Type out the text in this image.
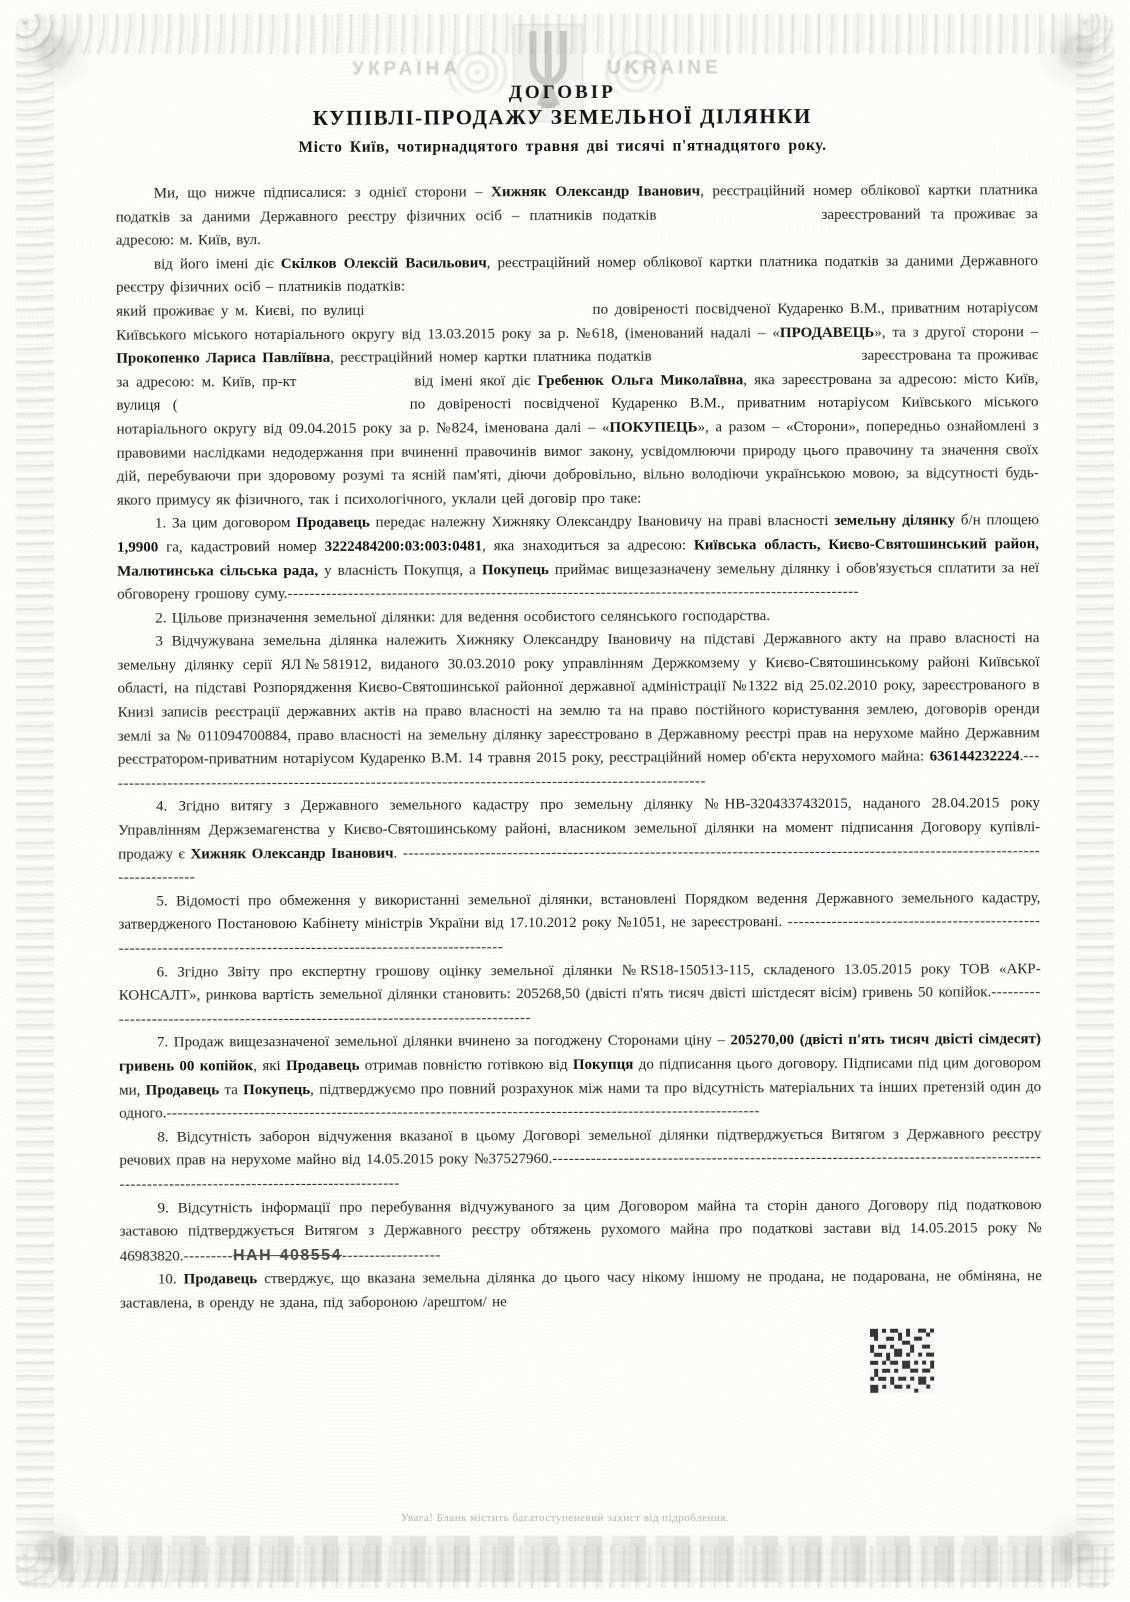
УКРАЇНА	UKRAINE
ДОГОВІР
КУПІВЛІ-ПРОДАЖУ ЗЕМЕЛЬНОЇ ДІЛЯНКИ
Місто Київ, чотирнадцятого травня дві тисячі п'ятнадцятого року.

Ми, що нижче підписалися: з однієї сторони – Хижняк Олександр Іванович, реєстраційний номер облікової картки платника податків за даними Державного реєстру фізичних осіб – платників податків	зареєстрований та проживає за адресою: м. Київ, вул.

від його імені діє Скілков Олексій Васильович, реєстраційний номер облікової картки платника податків за даними Державного реєстру фізичних осіб – платників податків:
який проживає у м. Києві, по вулиці	по довіреності посвідченої Кударенко В.М., приватним нотаріусом Київського міського нотаріального округу від 13.03.2015 року за р. №618, (іменований надалі – «ПРОДАВЕЦЬ», та з другої сторони – Прокопенко Лариса Павліївна, реєстраційний номер картки платника податків	зареєстрована та проживає за адресою: м. Київ, пр-кт	від імені якої діє Гребенюк Ольга Миколаївна, яка зареєстрована за адресою: місто Київ, вулиця (	по довіреності посвідченої Кударенко В.М., приватним нотаріусом Київського міського нотаріального округу від 09.04.2015 року за р. №824, іменована далі – «ПОКУПЕЦЬ», а разом – «Сторони», попередньо ознайомлені з правовими наслідками недодержання при вчиненні правочинів вимог закону, усвідомлюючи природу цього правочину та значення своїх дій, перебуваючи при здоровому розумі та ясній пам'яті, діючи добровільно, вільно володіючи українською мовою, за відсутності будь-якого примусу як фізичного, так і психологічного, уклали цей договір про таке:

1. За цим договором Продавець передає належну Хижняку Олександру Івановичу на праві власності земельну ділянку б/н площею 1,9900 га, кадастровий номер 3222484200:03:003:0481, яка знаходиться за адресою: Київська область, Києво-Святошинський район, Малютинська сільська рада, у власність Покупця, а Покупець приймає вищезазначену земельну ділянку і обов'язується сплатити за неї обговорену грошову суму.--------------------------------------------------------------------------------------------------------

2. Цільове призначення земельної ділянки: для ведення особистого селянського господарства.

3 Відчужувана земельна ділянка належить Хижняку Олександру Івановичу на підставі Державного акту на право власності на земельну ділянку серії ЯЛ№581912, виданого 30.03.2010 року управлінням Держкомзему у Києво-Святошинському районі Київської області, на підставі Розпорядження Києво-Святошинської районної державної адміністрації №1322 від 25.02.2010 року, зареєстрованого в Книзі записів реєстрації державних актів на право власності на землю та на право постійного користування землею, договорів оренди землі за № 011094700884, право власності на земельну ділянку зареєстровано в Державному реєстрі прав на нерухоме майно Державним реєстратором-приватним нотаріусом Кударенко В.М. 14 травня 2015 року, реєстраційний номер об'єкта нерухомого майна: 636144232224.--------------------------------------------------------------------------------------------------------------

4. Згідно витягу з Державного земельного кадастру про земельну ділянку №НВ-3204337432015, наданого 28.04.2015 року Управлінням Держземагенства у Києво-Святошинському районі, власником земельної ділянки на момент підписання Договору купівлі-продажу є Хижняк Олександр Іванович. ----------------------------------------------------------------------------------------------------------------------------------

5. Відомості про обмеження у використанні земельної ділянки, встановлені Порядком ведення Державного земельного кадастру, затвердженого Постановою Кабінету міністрів України від 17.10.2012 року №1051, не зареєстровані. --------------------------------------------------------------------------------------------------------------------

6. Згідно Звіту про експертну грошову оцінку земельної ділянки №RS18-150513-115, складеного 13.05.2015 року ТОВ «АКР-КОНСАЛТ», ринкова вартість земельної ділянки становить: 205268,50 (двісті п'ять тисяч двісті шістдесят вісім) гривень 50 копійок.------------------------------------------------------------------------------------

7. Продаж вищезазначеної земельної ділянки вчинено за погоджену Сторонами ціну – 205270,00 (двісті п'ять тисяч двісті сімдесят) гривень 00 копійок, які Продавець отримав повністю готівкою від Покупця до підписання цього договору. Підписами під цим договором ми, Продавець та Покупець, підтверджуємо про повний розрахунок між нами та про відсутність матеріальних та інших претензій один до одного.------------------------------------------------------------------------------------------------------------

8. Відсутність заборон відчуження вказаної в цьому Договорі земельної ділянки підтверджується Витягом з Державного реєстру речових прав на нерухоме майно від 14.05.2015 року №37527960.--------------------------------------------------------------------------------------------------------------------------------------------

9. Відсутність інформації про перебування відчужуваного за цим Договором майна та сторін даного Договору під податковою заставою підтверджується Витягом з Державного реєстру обтяжень рухомого майна про податкові застави від 14.05.2015 року № 46983820.---------НАН 408554------------------

10. Продавець стверджує, що вказана земельна ділянка до цього часу нікому іншому не продана, не подарована, не обміняна, не заставлена, в оренду не здана, під забороною /арештом/ не

Увага! Бланк містить багатоступеневий захист від підроблення.
